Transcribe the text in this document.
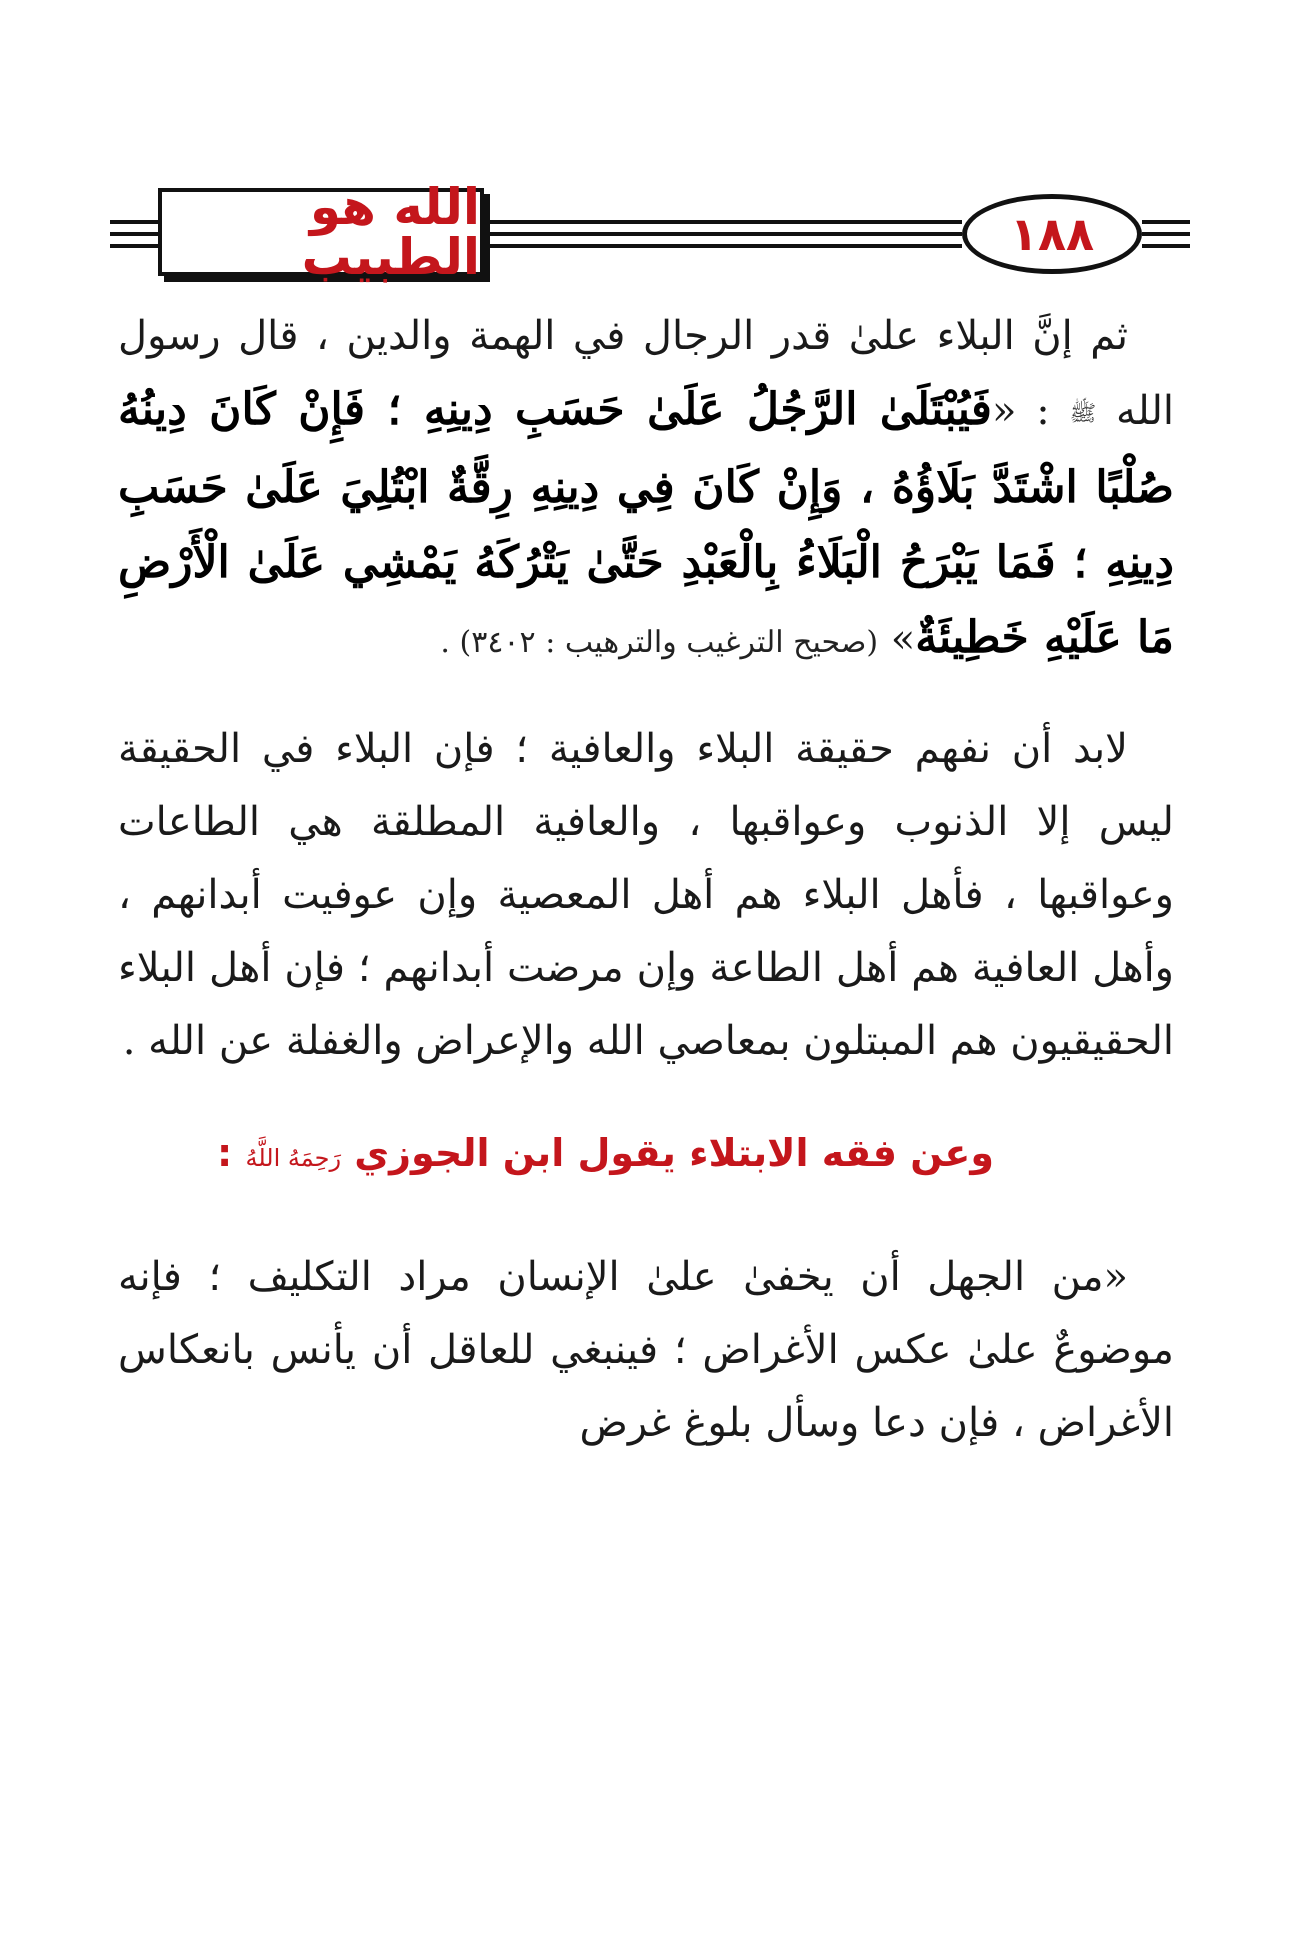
الله هو الطبيب	١٨٨

ثم إنَّ البلاء علىٰ قدر الرجال في الهمة والدين ، قال رسول الله ﷺ : «فَيُبْتَلَىٰ الرَّجُلُ عَلَىٰ حَسَبِ دِينِهِ ؛ فَإِنْ كَانَ دِينُهُ صُلْبًا اشْتَدَّ بَلَاؤُهُ ، وَإِنْ كَانَ فِي دِينِهِ رِقَّةٌ ابْتُلِيَ عَلَىٰ حَسَبِ دِينِهِ ؛ فَمَا يَبْرَحُ الْبَلَاءُ بِالْعَبْدِ حَتَّىٰ يَتْرُكَهُ يَمْشِي عَلَىٰ الْأَرْضِ مَا عَلَيْهِ خَطِيئَةٌ» (صحيح الترغيب والترهيب : ٣٤٠٢) .

لابد أن نفهم حقيقة البلاء والعافية ؛ فإن البلاء في الحقيقة ليس إلا الذنوب وعواقبها ، والعافية المطلقة هي الطاعات وعواقبها ، فأهل البلاء هم أهل المعصية وإن عوفيت أبدانهم ، وأهل العافية هم أهل الطاعة وإن مرضت أبدانهم ؛ فإن أهل البلاء الحقيقيون هم المبتلون بمعاصي الله والإعراض والغفلة عن الله .

وعن فقه الابتلاء يقول ابن الجوزي رَحِمَهُ اللَّهُ :

«من الجهل أن يخفىٰ علىٰ الإنسان مراد التكليف ؛ فإنه موضوعٌ علىٰ عكس الأغراض ؛ فينبغي للعاقل أن يأنس بانعكاس الأغراض ، فإن دعا وسأل بلوغ غرض
